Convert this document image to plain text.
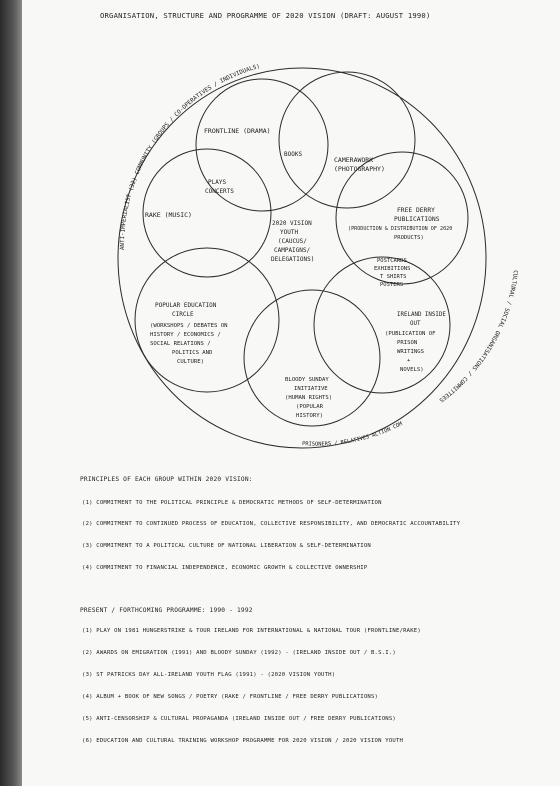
ORGANISATION, STRUCTURE AND PROGRAMME OF 2020 VISION (DRAFT: AUGUST 1990)
FRONTLINE (DRAMA)
CAMERAWORK
(PHOTOGRAPHY)
BOOKS
PLAYS
CONCERTS
RAKE (MUSIC)
FREE DERRY
PUBLICATIONS
(PRODUCTION & DISTRIBUTION OF 2020
PRODUCTS)
2020 VISION
YOUTH
(CAUCUS/
CAMPAIGNS/
DELEGATIONS)	POSTCARDS
EXHIBITIONS
T SHIRTS
POSTERS
POPULAR EDUCATION
CIRCLE
(WORKSHOPS / DEBATES ON
HISTORY / ECONOMICS /
SOCIAL RELATIONS /
POLITICS AND
CULTURE)
IRELAND INSIDE
OUT
(PUBLICATION OF
PRISON
WRITINGS
+
NOVELS)
BLOODY SUNDAY
INITIATIVE
(HUMAN RIGHTS)
(POPULAR
HISTORY)
ANTI-IMPERIALIST (32) COMMUNITY (GROUPS / CO-OPERATIVES / INDIVIDUALS)
CULTURAL / SOCIAL ORGANISATIONS / COMMITTEES
PRISONERS / RELATIVES ACTION COM
PRINCIPLES OF EACH GROUP WITHIN 2020 VISION:
(1) COMMITMENT TO THE POLITICAL PRINCIPLE & DEMOCRATIC METHODS OF SELF-DETERMINATION
(2) COMMITMENT TO CONTINUED PROCESS OF EDUCATION, COLLECTIVE RESPONSIBILITY, AND DEMOCRATIC ACCOUNTABILITY
(3) COMMITMENT TO A POLITICAL CULTURE OF NATIONAL LIBERATION & SELF-DETERMINATION
(4) COMMITMENT TO FINANCIAL INDEPENDENCE, ECONOMIC GROWTH & COLLECTIVE OWNERSHIP
PRESENT / FORTHCOMING PROGRAMME: 1990 - 1992
(1) PLAY ON 1981 HUNGERSTRIKE & TOUR IRELAND FOR INTERNATIONAL & NATIONAL TOUR (FRONTLINE/RAKE)
(2) AWARDS ON EMIGRATION (1991) AND BLOODY SUNDAY (1992) - (IRELAND INSIDE OUT / B.S.I.)
(3) ST PATRICKS DAY ALL-IRELAND YOUTH FLAG (1991) - (2020 VISION YOUTH)
(4) ALBUM + BOOK OF NEW SONGS / POETRY (RAKE / FRONTLINE / FREE DERRY PUBLICATIONS)
(5) ANTI-CENSORSHIP & CULTURAL PROPAGANDA (IRELAND INSIDE OUT / FREE DERRY PUBLICATIONS)
(6) EDUCATION AND CULTURAL TRAINING WORKSHOP PROGRAMME FOR 2020 VISION / 2020 VISION YOUTH
